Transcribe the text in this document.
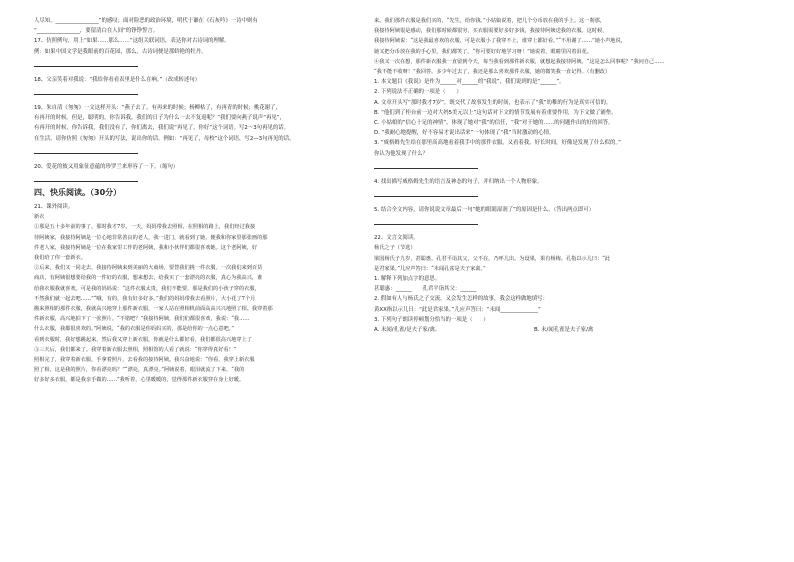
人尽知，________________”的感叹；面对险恶的政治环境，明代于谦在《石灰吟》一诗中则有

“________________，要留清白在人间”的铮铮誓言。

17、仿照例句，用上“如果……那么……”这组关联词语，表达你对古诗词的理解。

例：如果中国文学是我眼前的百花园，那么，古诗词便是那娇艳的牡丹。

18、父亲笑着对我说：“我给你看看表里是什么在响。”（改成转述句）

19、朱自清《匆匆》一文这样开头：“燕子去了，有再来的时候；杨柳枯了，有再青的时候；桃花谢了，

有再开的时候。但是，聪明的，你告诉我，我们的日子为什么一去不复返呢？”我们要向燕子说声“再见”，

有再开的时候，你告诉我，我们没有了，你们离去，我们说“再见了，你好”这个词语。写2～3句再见的话。

在生活，请你仿照《匆匆》开头的写法，说出你的话。例如：“再见了，母校”这个词语，写2—3句再见的话。

20、爱花的彼又用象征意蕴的珍罗兰来形容了一下。（缩句）

四、快乐阅读。（30分）

21、课外阅读。

新衣

①那是五十多年前的事了，那时我才7岁。一天，妈妈带我去照相，在照相的路上，我们经过我接

待阿姨家，我接待阿姨是一位心地非常善良的老人，我一进门，就看到了她，便我和你家里那张画的那

件老人家，我接待阿姨是一位在我家里工作的老阿姨，我和小伙伴们都很喜欢她。这个老阿姨，好

我们给了你一套新衣。

②后来，我们又一同走去，我接待阿姨来到美丽的大商场，要替我们挑一件衣服。一次我们来到百货

商店，有阿姨很想要给我的一件好的衣服，想来想去，给我买了一套漂亮的衣服，真心为我高兴，谁

给我衣服我就喜欢。可是我的妈妈说：“这件衣服太贵，我们不能要，那是我们的小孩子穿的衣服，

不然我们就一起去吧……”“哦，有的，我有好多好多。”我们的妈妈带我去看照片，大小花了7个月

搬来照相的那件衣服，我就高兴地穿上那件新衣服，一家人站在照相机前面高高兴兴地照了相。我穿着那

件新衣服，高兴地拍下了一张照片。“不错吧？”我接待阿姨，我们们都很喜欢，我说：“我……

什么衣服，我都很喜欢的。”阿姨说，“我的衣服是你妈妈买的，那是给你的一点心意吧。”

看到衣服时，我好想跳起来，然后我又穿上新衣服，你就是什么都好看，我们都很高兴地穿上了

③三天后，我们都来了。我穿着新衣服去照相，照相馆的人看了就说：“你穿得真好看！”

照相完了，我穿着新衣服，手拿着照片，去看我的接待阿姨。我兴奋地说：“你看，我穿上新衣服

照了相，这是我的照片，你看漂亮吗？”“漂亮，真漂亮。”阿姨说着，眼泪就流了下来，“我的

好多好多衣服，都是我亲手做的……”我听着，心里暖暖的，觉得那件新衣服穿在身上好暖。

来。我们那件衣服是我们买的，“先生，给你钱。”小姑娘说着，把几个分币放在我的手上。这一刹那，

我接待阿姨很是感动，我们那时候都很穷，买衣服需要好多好多钱，我接待阿姨送我的衣服。这时候，

我接待阿姨说：“这是我最喜欢的衣服，可是衣服小了我穿不上，谁穿上都好看。”“不用谢了……”她小声地说，

她又把分币放在我的手心里，我们都笑了。“你可要好好地学习呀！”她说着，眼睛里闪着泪花。

④我又一次在想，那件新衣服我一直留到今天，每当我看到那件新衣服，就想起我接待阿姨。“这是怎么回事呢？”我问自己……

“我不能不收呀！”我回答。多少年过去了，我还是那么喜欢那件衣服，她的微笑我一直记得。（有删改）

1. 本文题目《我说》是作为______对______的“我说”，我们说到的是“______”。

2. 下列说法不正确的一项是（　　）

A. 文章开头写“那时我才7岁”，既交代了故事发生的时间，也表示了“我”幼稚的行为是真实可信的。

B. “他们到了柜台前一边对大妈5美元以上”这句话对下文的情节发展有着重要作用，为下文做了铺垫。

C. 小姑娘的“信心十足的神情”，体现了她对“我”的信任，“我”对于她的……的问题作出的好的回答。

D. “我耐心地提醒，好不容易才说出话来”一句体现了“我”当时激动的心情。

3. “威格姆先生给在那里高高地看着我手中的那件衣服，又看着我，好长时间，好像是发现了什么似的。”

你认为他发现了什么？

4. 找出描写威格姆先生的语言及神态的句子，并归纳出一个人物形象。

5. 结合全文内容，请你说说文章最后一句“她的眼睛湿润了”的原因是什么。（答出两点即可）

22、文言文阅读。

杨氏之子（节选）

梁国杨氏子九岁，甚聪惠。孔君平诣其父，父不在，乃呼儿出。为设果，果有杨梅。孔指以示儿曰：“此

是君家果。”儿应声答曰：“未闻孔雀是夫子家禽。”

1. 解释下列加点字的意思。

甚聪惠：______　　孔君平诣其父：______

2. 假如有人与杨氏之子交流，又会发生怎样的故事，我会这样做地填写：

黄XX指以示儿曰：“此是君家果。”儿应声答曰：“未闻______________”

3. 下列句子朗读停顿划分恰当的一项是（　　）

A. 未闻/孔雀/是夫子家/禽。	B. 未/闻孔雀是夫子家/禽
